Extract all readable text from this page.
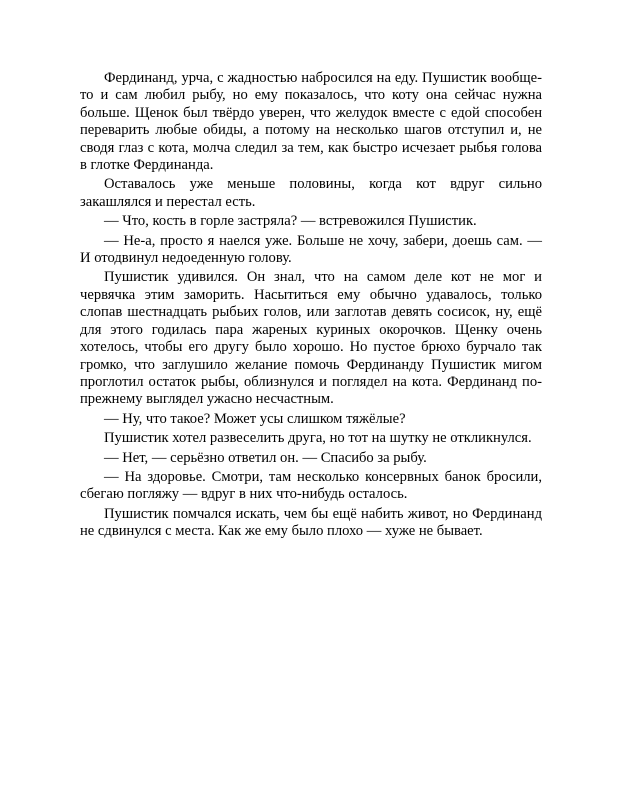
Фердинанд, урча, с жадностью набросился на еду. Пушистик вообще-то и сам любил рыбу, но ему показалось, что коту она сейчас нужна больше. Щенок был твёрдо уверен, что желудок вместе с едой способен переварить любые обиды, а потому на несколько шагов отступил и, не сводя глаз с кота, молча следил за тем, как быстро исчезает рыбья голова в глотке Фердинанда.

Оставалось уже меньше половины, когда кот вдруг сильно закашлялся и перестал есть.

— Что, кость в горле застряла? — встревожился Пушистик.

— Не-а, просто я наелся уже. Больше не хочу, забери, доешь сам. — И отодвинул недоеденную голову.

Пушистик удивился. Он знал, что на самом деле кот не мог и червячка этим заморить. Насытиться ему обычно удавалось, только слопав шестнадцать рыбьих голов, или заглотав девять сосисок, ну, ещё для этого годилась пара жареных куриных окорочков. Щенку очень хотелось, чтобы его другу было хорошо. Но пустое брюхо бурчало так громко, что заглушило желание помочь Фердинанду Пушистик мигом проглотил остаток рыбы, облизнулся и поглядел на кота. Фердинанд по-прежнему выглядел ужасно несчастным.

— Ну, что такое? Может усы слишком тяжёлые?

Пушистик хотел развеселить друга, но тот на шутку не откликнулся.

— Нет, — серьёзно ответил он. — Спасибо за рыбу.

— На здоровье. Смотри, там несколько консервных банок бросили, сбегаю погляжу — вдруг в них что-нибудь осталось.

Пушистик помчался искать, чем бы ещё набить живот, но Фердинанд не сдвинулся с места. Как же ему было плохо — хуже не бывает.
